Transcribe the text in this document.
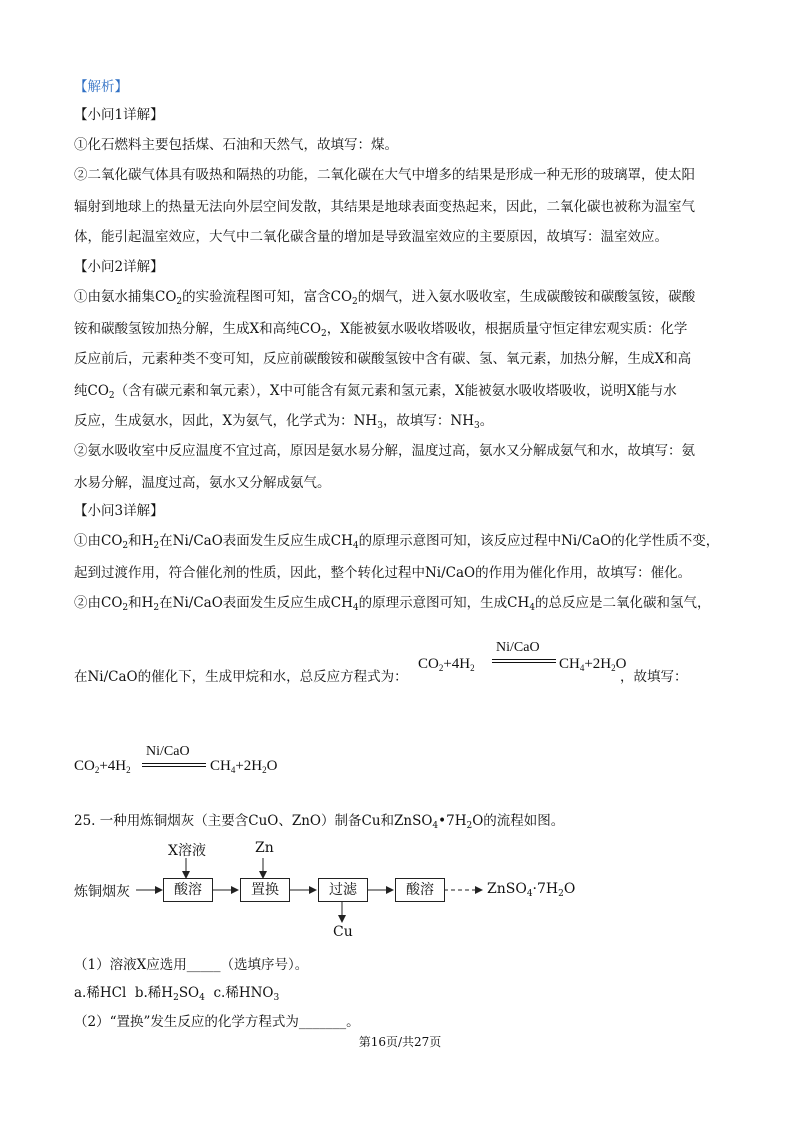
【解析】
【小问1详解】
①化石燃料主要包括煤、石油和天然气，故填写：煤。
②二氧化碳气体具有吸热和隔热的功能，二氧化碳在大气中增多的结果是形成一种无形的玻璃罩，使太阳
辐射到地球上的热量无法向外层空间发散，其结果是地球表面变热起来，因此，二氧化碳也被称为温室气
体，能引起温室效应，大气中二氧化碳含量的增加是导致温室效应的主要原因，故填写：温室效应。
【小问2详解】
①由氨水捕集$CO_2$的实验流程图可知，富含$CO_2$的烟气，进入氨水吸收室，生成碳酸铵和碳酸氢铵，碳酸
铵和碳酸氢铵加热分解，生成X和高纯$CO_2$，X能被氨水吸收塔吸收，根据质量守恒定律宏观实质：化学
反应前后，元素种类不变可知，反应前碳酸铵和碳酸氢铵中含有碳、氢、氧元素，加热分解，生成X和高
纯$CO_2$（含有碳元素和氧元素），X中可能含有氮元素和氢元素，X能被氨水吸收塔吸收，说明X能与水
反应，生成氨水，因此，X为氨气，化学式为：$NH_3$，故填写：$NH_3$。
②氨水吸收室中反应温度不宜过高，原因是氨水易分解，温度过高，氨水又分解成氨气和水，故填写：氨
水易分解，温度过高，氨水又分解成氨气。
【小问3详解】
①由$CO_2$和$H_2$在Ni/CaO表面发生反应生成$CH_4$的原理示意图可知，该反应过程中Ni/CaO的化学性质不变，
起到过渡作用，符合催化剂的性质，因此，整个转化过程中Ni/CaO的作用为催化作用，故填写：催化。
②由$CO_2$和$H_2$在Ni/CaO表面发生反应生成$CH_4$的原理示意图可知，生成$CH_4$的总反应是二氧化碳和氢气，
在Ni/CaO的催化下，生成甲烷和水，总反应方程式为：
Ni/CaO
$CO_2+4H_2$	$CH_4+2H_2O$
，故填写：
Ni/CaO
$CO_2+4H_2$	$CH_4+2H_2O$
25. 一种用炼铜烟灰（主要含CuO、ZnO）制备Cu和$ZnSO_4•7H_2O$的流程如图。
X溶液	Zn
炼铜烟灰	酸溶	置换	过滤	酸溶	$ZnSO_4\cdot 7H_2O$
Cu
（1）溶液X应选用_____（选填序号）。
a.稀HCl b.稀$H_2SO_4$ c.稀$HNO_3$
（2）“置换”发生反应的化学方程式为_______。
第16页/共27页
